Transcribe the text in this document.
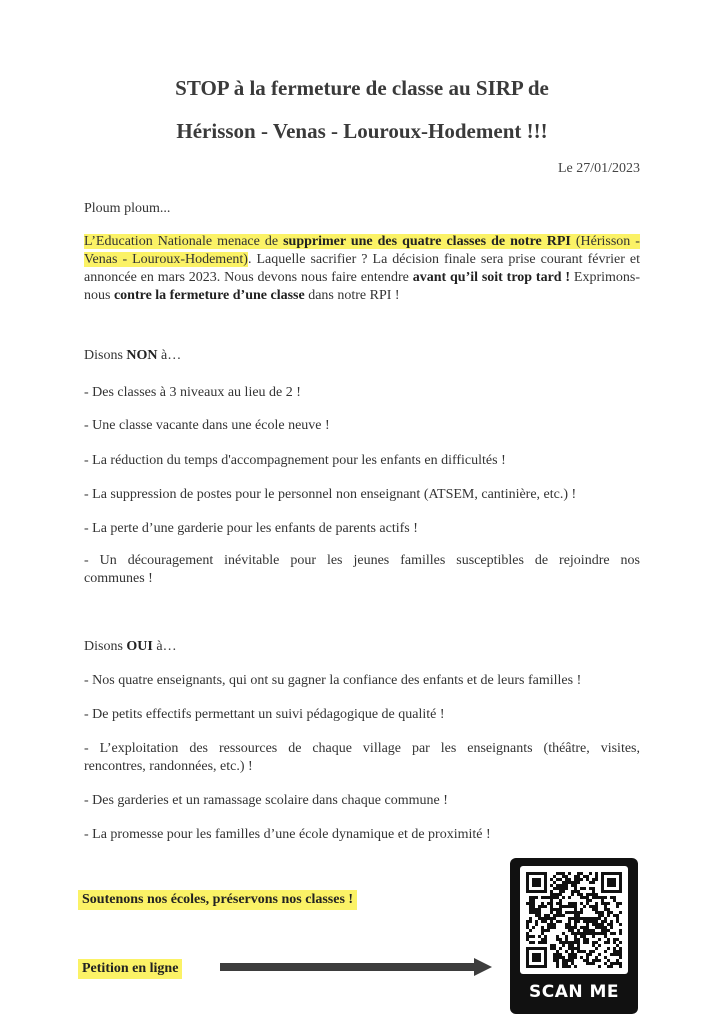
STOP à la fermeture de classe au SIRP de
Hérisson - Venas - Louroux-Hodement !!!
Le 27/01/2023
Ploum ploum...
L’Education Nationale menace de supprimer une des quatre classes de notre RPI (Hérisson - Venas - Louroux-Hodement). Laquelle sacrifier ? La décision finale sera prise courant février et annoncée en mars 2023. Nous devons nous faire entendre avant qu’il soit trop tard ! Exprimons-nous contre la fermeture d’une classe dans notre RPI !
Disons NON à…
- Des classes à 3 niveaux au lieu de 2 !
- Une classe vacante dans une école neuve !
- La réduction du temps d'accompagnement pour les enfants en difficultés !
- La suppression de postes pour le personnel non enseignant (ATSEM, cantinière, etc.) !
- La perte d’une garderie pour les enfants de parents actifs !
- Un découragement inévitable pour les jeunes familles susceptibles de rejoindre nos
communes !
Disons OUI à…
- Nos quatre enseignants, qui ont su gagner la confiance des enfants et de leurs familles !
- De petits effectifs permettant un suivi pédagogique de qualité !
- L’exploitation des ressources de chaque village par les enseignants (théâtre, visites,
rencontres, randonnées, etc.) !
- Des garderies et un ramassage scolaire dans chaque commune !
- La promesse pour les familles d’une école dynamique et de proximité !
Soutenons nos écoles, préservons nos classes !
Petition en ligne
SCAN ME
